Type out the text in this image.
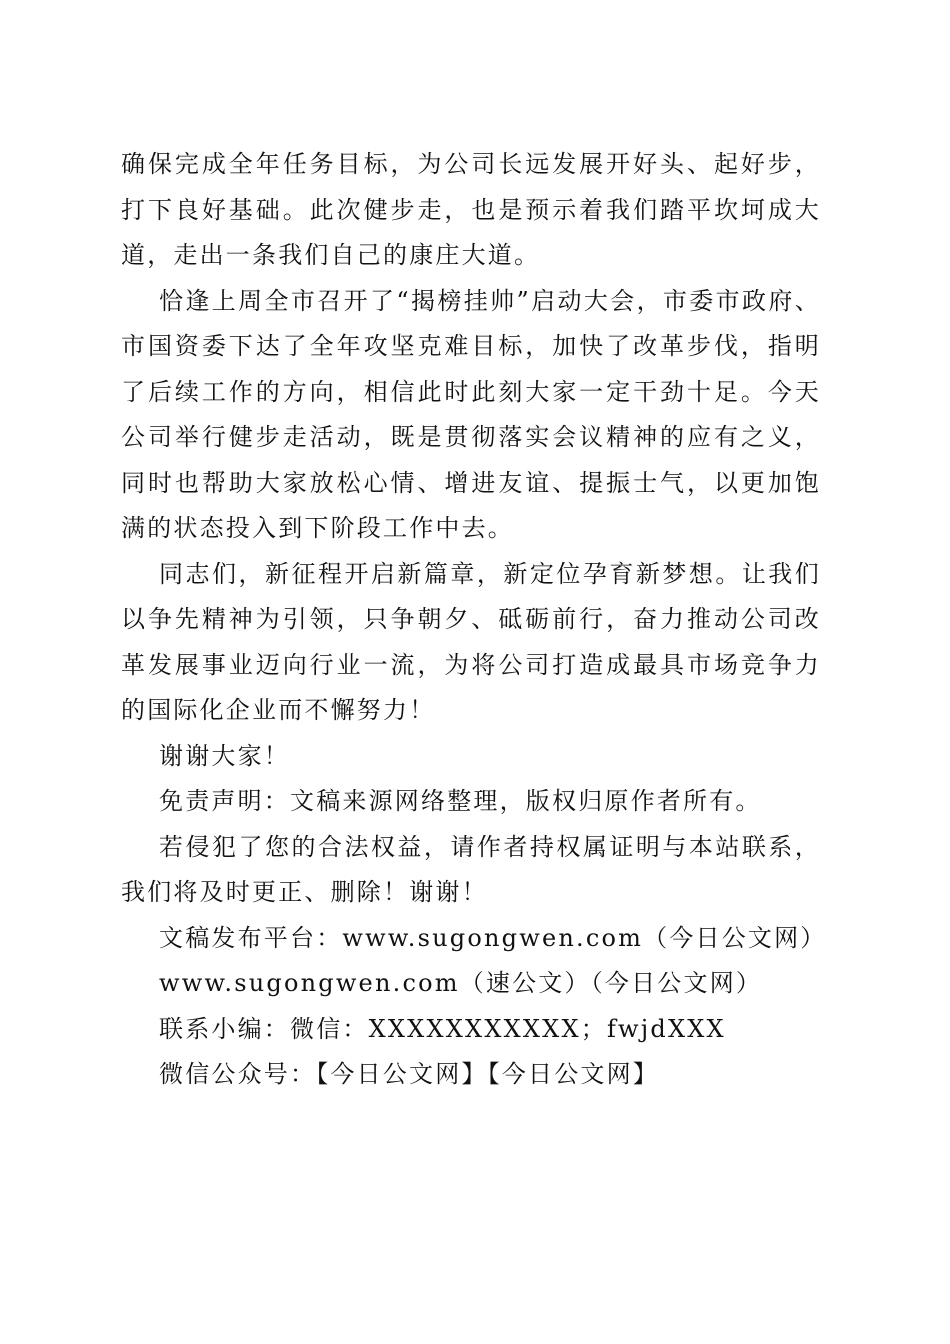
确保完成全年任务目标，为公司长远发展开好头、起好步，打下良好基础。此次健步走，也是预示着我们踏平坎坷成大道，走出一条我们自己的康庄大道。

恰逢上周全市召开了“揭榜挂帅”启动大会，市委市政府、市国资委下达了全年攻坚克难目标，加快了改革步伐，指明了后续工作的方向，相信此时此刻大家一定干劲十足。今天公司举行健步走活动，既是贯彻落实会议精神的应有之义，同时也帮助大家放松心情、增进友谊、提振士气，以更加饱满的状态投入到下阶段工作中去。

同志们，新征程开启新篇章，新定位孕育新梦想。让我们以争先精神为引领，只争朝夕、砥砺前行，奋力推动公司改革发展事业迈向行业一流，为将公司打造成最具市场竞争力的国际化企业而不懈努力！

谢谢大家！

免责声明：文稿来源网络整理，版权归原作者所有。

若侵犯了您的合法权益，请作者持权属证明与本站联系，我们将及时更正、删除！谢谢！

文稿发布平台：www.sugongwen.com（今日公文网）

www.sugongwen.com（速公文）（今日公文网）

联系小编：微信：XXXXXXXXXXX；fwjdXXX

微信公众号：【今日公文网】【今日公文网】
